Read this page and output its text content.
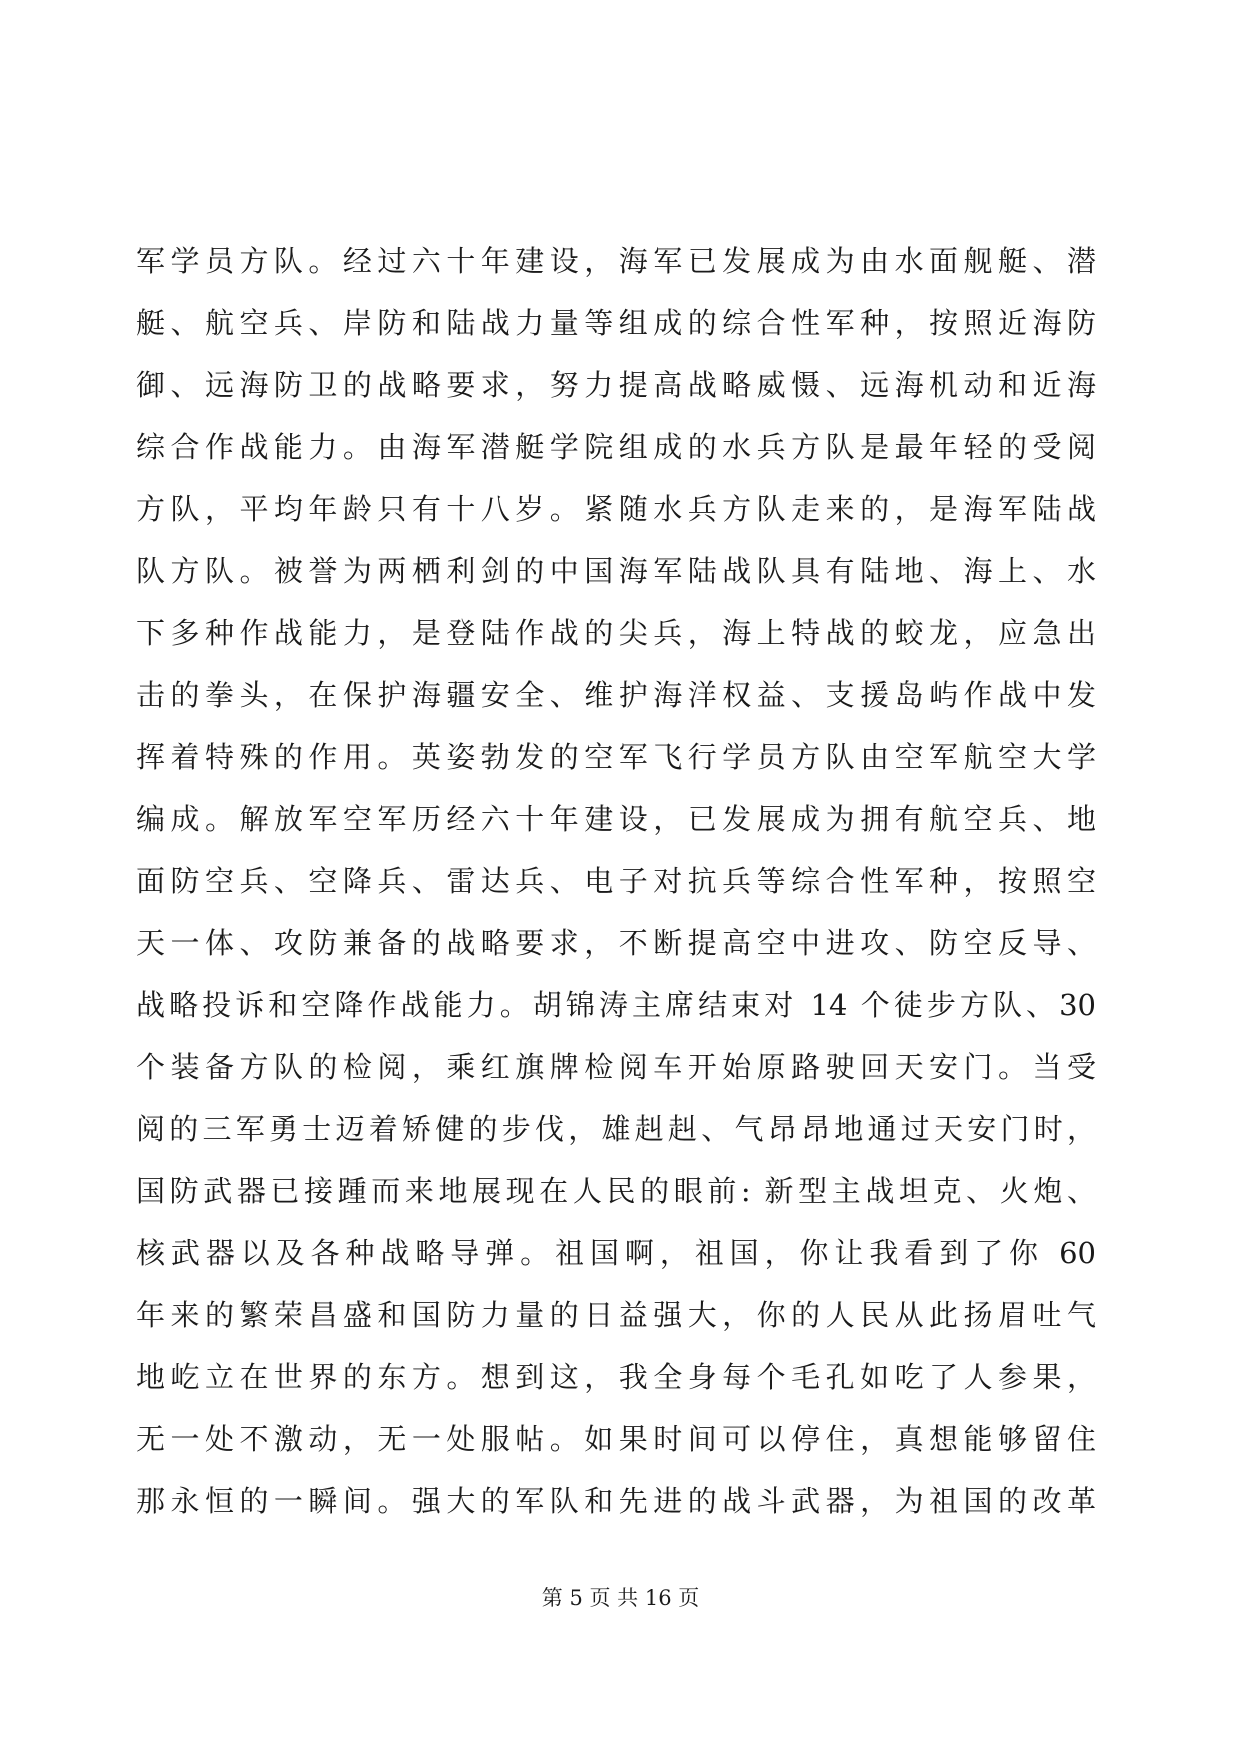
军学员方队。经过六十年建设，海军已发展成为由水面舰艇、潜
艇、航空兵、岸防和陆战力量等组成的综合性军种，按照近海防
御、远海防卫的战略要求，努力提高战略威慑、远海机动和近海
综合作战能力。由海军潜艇学院组成的水兵方队是最年轻的受阅
方队，平均年龄只有十八岁。紧随水兵方队走来的，是海军陆战
队方队。被誉为两栖利剑的中国海军陆战队具有陆地、海上、水
下多种作战能力，是登陆作战的尖兵，海上特战的蛟龙，应急出
击的拳头，在保护海疆安全、维护海洋权益、支援岛屿作战中发
挥着特殊的作用。英姿勃发的空军飞行学员方队由空军航空大学
编成。解放军空军历经六十年建设，已发展成为拥有航空兵、地
面防空兵、空降兵、雷达兵、电子对抗兵等综合性军种，按照空
天一体、攻防兼备的战略要求，不断提高空中进攻、防空反导、
战略投诉和空降作战能力。胡锦涛主席结束对 14 个徒步方队、30
个装备方队的检阅，乘红旗牌检阅车开始原路驶回天安门。当受
阅的三军勇士迈着矫健的步伐，雄赳赳、气昂昂地通过天安门时，
国防武器已接踵而来地展现在人民的眼前: 新型主战坦克、火炮、
核武器以及各种战略导弹。祖国啊，祖国，你让我看到了你 60
年来的繁荣昌盛和国防力量的日益强大，你的人民从此扬眉吐气
地屹立在世界的东方。想到这，我全身每个毛孔如吃了人参果，
无一处不激动，无一处服帖。如果时间可以停住，真想能够留住
那永恒的一瞬间。强大的军队和先进的战斗武器，为祖国的改革
第 5 页 共 16 页
